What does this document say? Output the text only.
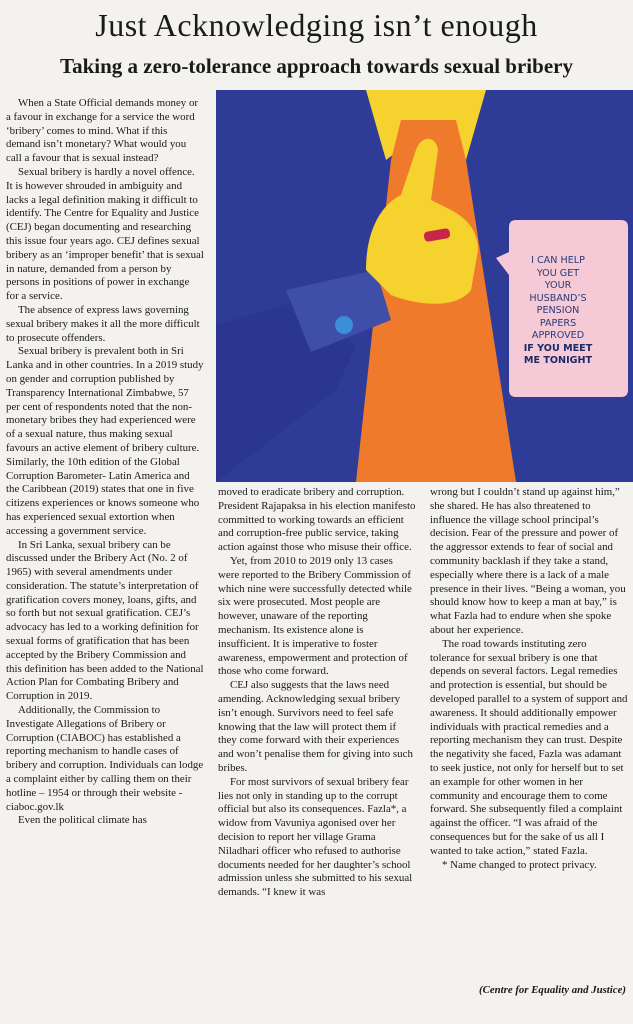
Just Acknowledging isn’t enough
Taking a zero-tolerance approach towards sexual bribery

When a State Official demands money or a favour in exchange for a service the word ‘bribery’ comes to mind. What if this demand isn’t monetary? What would you call a favour that is sexual instead?

Sexual bribery is hardly a novel offence. It is however shrouded in ambiguity and lacks a legal definition making it difficult to identify. The Centre for Equality and Justice (CEJ) began documenting and researching this issue four years ago. CEJ defines sexual bribery as an ‘improper benefit’ that is sexual in nature, demanded from a person by persons in positions of power in exchange for a service.

The absence of express laws governing sexual bribery makes it all the more difficult to prosecute offenders.

Sexual bribery is prevalent both in Sri Lanka and in other countries. In a 2019 study on gender and corruption published by Transparency International Zimbabwe, 57 per cent of respondents noted that the non-monetary bribes they had experienced were of a sexual nature, thus making sexual favours an active element of bribery culture. Similarly, the 10th edition of the Global Corruption Barometer- Latin America and the Caribbean (2019) states that one in five citizens experiences or knows someone who has experienced sexual extortion when accessing a government service.

In Sri Lanka, sexual bribery can be discussed under the Bribery Act (No. 2 of 1965) with several amendments under consideration. The statute’s interpretation of gratification covers money, loans, gifts, and so forth but not sexual gratification. CEJ’s advocacy has led to a working definition for sexual forms of gratification that has been accepted by the Bribery Commission and this definition has been added to the National Action Plan for Combating Bribery and Corruption in 2019.

Additionally, the Commission to Investigate Allegations of Bribery or Corruption (CIABOC) has established a reporting mechanism to handle cases of bribery and corruption. Individuals can lodge a complaint either by calling them on their hotline – 1954 or through their website - ciaboc.gov.lk

Even the political climate has

I CAN HELP
YOU GET
YOUR
HUSBAND’S
PENSION
PAPERS
APPROVED
IF YOU MEET
ME TONIGHT

moved to eradicate bribery and corruption. President Rajapaksa in his election manifesto committed to working towards an efficient and corruption-free public service, taking action against those who misuse their office.

Yet, from 2010 to 2019 only 13 cases were reported to the Bribery Commission of which nine were successfully detected while six were prosecuted. Most people are however, unaware of the reporting mechanism. Its existence alone is insufficient. It is imperative to foster awareness, empowerment and protection of those who come forward.

CEJ also suggests that the laws need amending. Acknowledging sexual bribery isn’t enough. Survivors need to feel safe knowing that the law will protect them if they come forward with their experiences and won’t penalise them for giving into such bribes.

For most survivors of sexual bribery fear lies not only in standing up to the corrupt official but also its consequences. Fazla*, a widow from Vavuniya agonised over her decision to report her village Grama Niladhari officer who refused to authorise documents needed for her daughter’s school admission unless she submitted to his sexual demands. “I knew it was

wrong but I couldn’t stand up against him,” she shared. He has also threatened to influence the village school principal’s decision. Fear of the pressure and power of the aggressor extends to fear of social and community backlash if they take a stand, especially where there is a lack of a male presence in their lives. “Being a woman, you should know how to keep a man at bay,” is what Fazla had to endure when she spoke about her experience.

The road towards instituting zero tolerance for sexual bribery is one that depends on several factors. Legal remedies and protection is essential, but should be developed parallel to a system of support and awareness. It should additionally empower individuals with practical remedies and a reporting mechanism they can trust. Despite the negativity she faced, Fazla was adamant to seek justice, not only for herself but to set an example for other women in her community and encourage them to come forward. She subsequently filed a complaint against the officer. “I was afraid of the consequences but for the sake of us all I wanted to take action,” stated Fazla.

* Name changed to protect privacy.

(Centre for Equality and Justice)
